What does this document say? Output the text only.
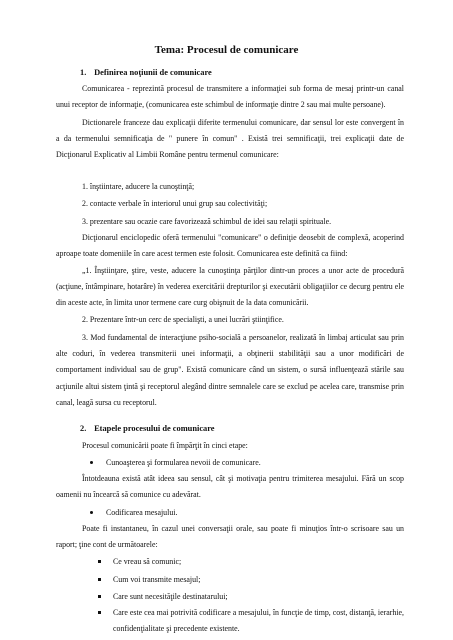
Tema: Procesul de comunicare
1. Definirea noţiunii de comunicare
Comunicarea - reprezintă procesul de transmitere a informaţiei sub forma de mesaj printr-un canal unui receptor de informaţie, (comunicarea este schimbul de informaţie dintre 2 sau mai multe persoane).
Dictionarele franceze dau explicaţii diferite termenului comunicare, dar sensul lor este convergent în a da termenului semnificaţia de " punere în comun" . Există trei semnificaţii, trei explicaţii date de Dicţionarul Explicativ al Limbii Române pentru termenul comunicare:
1. înştiintare, aducere la cunoştinţă;
2. contacte verbale în interiorul unui grup sau colectivităţi;
3. prezentare sau ocazie care favorizează schimbul de idei sau relaţii spirituale.
Dicţionarul enciclopedic oferă termenului "comunicare" o definiţie deosebit de complexă, acoperind aproape toate domeniile în care acest termen este folosit. Comunicarea este definită ca fiind:
„1. Înştiinţare, ştire, veste, aducere la cunoştinţa părţilor dintr-un proces a unor acte de procedură (acţiune, întâmpinare, hotarâre) în vederea exercitării drepturilor şi executării obligaţiilor ce decurg pentru ele din aceste acte, în limita unor termene care curg obişnuit de la data comunicării.
2. Prezentare într-un cerc de specialişti, a unei lucrări ştiinţifice.
3. Mod fundamental de interacţiune psiho-socială a persoanelor, realizată în limbaj articulat sau prin alte coduri, în vederea transmiterii unei informaţii, a obţinerii stabilităţii sau a unor modificări de comportament individual sau de grup". Există comunicare când un sistem, o sursă influenţează stările sau acţiunile altui sistem ţintă şi receptorul alegând dintre semnalele care se exclud pe acelea care, transmise prin canal, leagă sursa cu receptorul.
2. Etapele procesului de comunicare
Procesul comunicării poate fi împărţit în cinci etape:
Cunoaşterea şi formularea nevoii de comunicare.
Întotdeauna există atât ideea sau sensul, cât şi motivaţia pentru trimiterea mesajului. Fără un scop oamenii nu încearcă să comunice cu adevărat.
Codificarea mesajului.
Poate fi instantaneu, în cazul unei conversaţii orale, sau poate fi minuţios într-o scrisoare sau un raport; ţine cont de următoarele:
Ce vreau să comunic;
Cum voi transmite mesajul;
Care sunt necesităţile destinatarului;
Care este cea mai potrivită codificare a mesajului, în funcţie de timp, cost, distanţă, ierarhie, confidenţialitate şi precedente existente.
